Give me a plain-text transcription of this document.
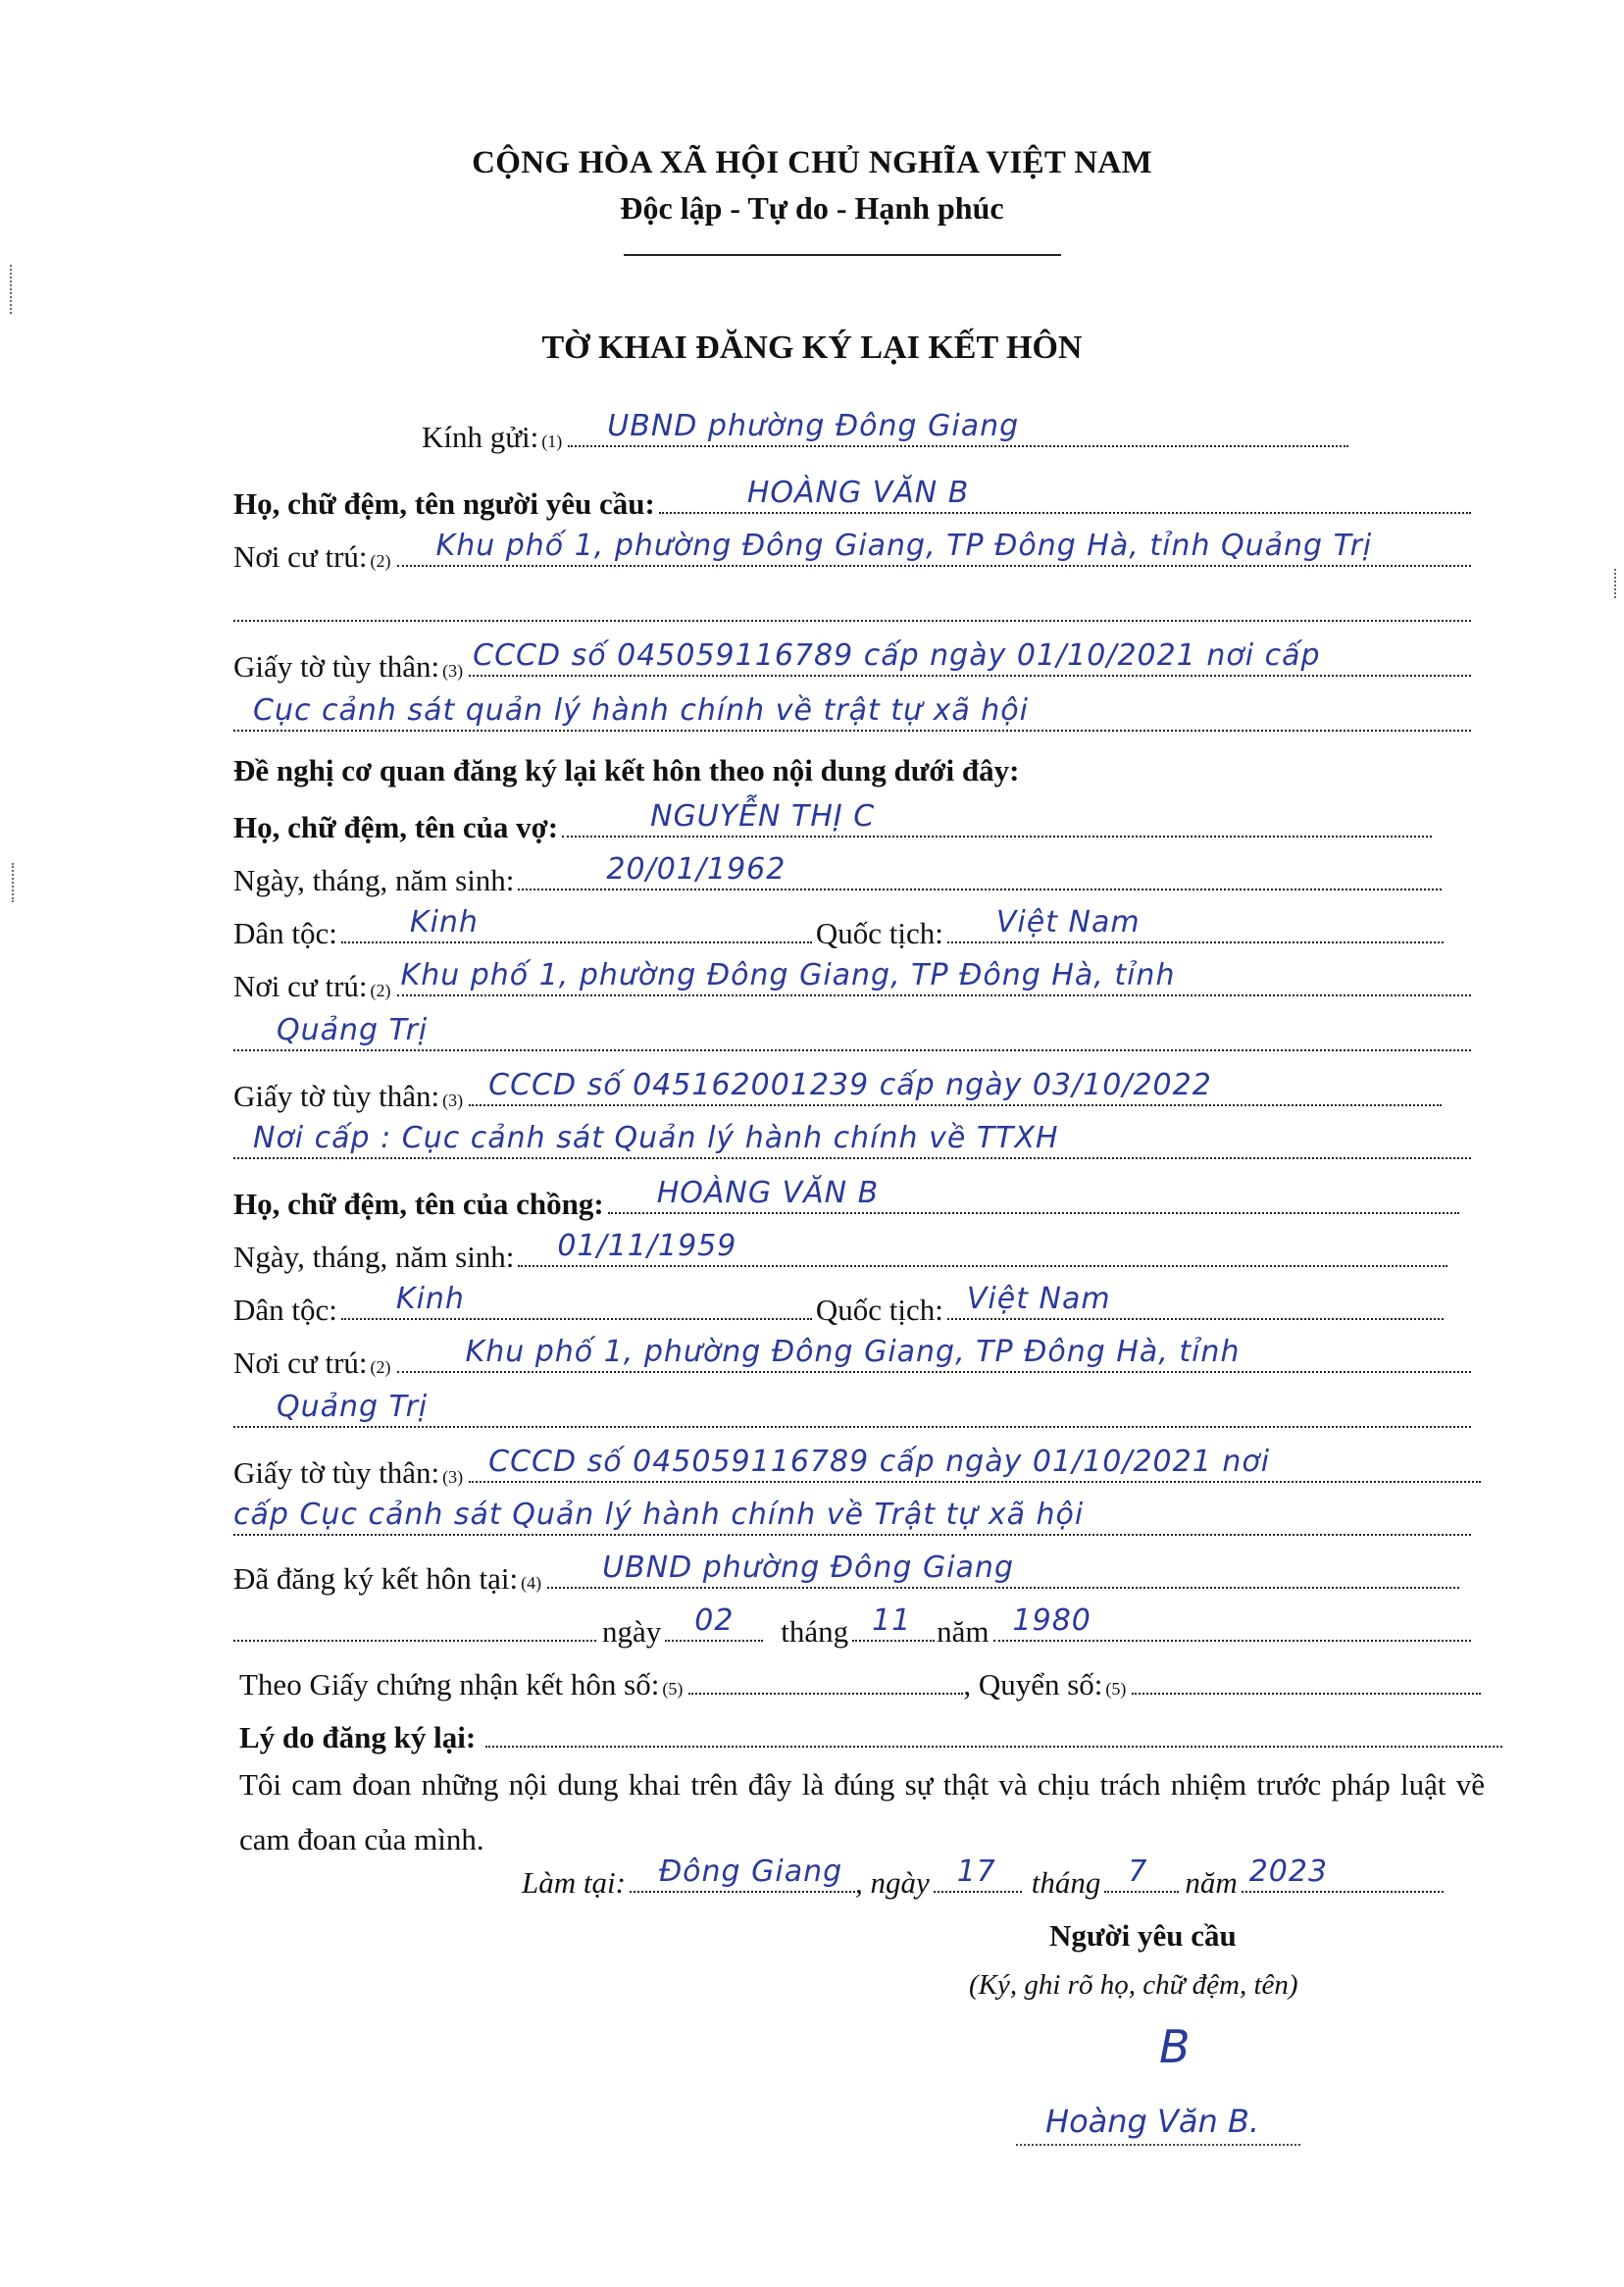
CỘNG HÒA XÃ HỘI CHỦ NGHĨA VIỆT NAM
Độc lập - Tự do - Hạnh phúc
TỜ KHAI ĐĂNG KÝ LẠI KẾT HÔN
Kính gửi: (1) UBND phường Đông Giang
Họ, chữ đệm, tên người yêu cầu:	HOÀNG VĂN B
Nơi cư trú: (2) Khu phố 1, phường Đông Giang, TP Đông Hà, tỉnh Quảng Trị
Giấy tờ tùy thân: (3) CCCD số 045059116789 cấp ngày 01/10/2021 nơi cấp
Cục cảnh sát quản lý hành chính về trật tự xã hội
Đề nghị cơ quan đăng ký lại kết hôn theo nội dung dưới đây:
Họ, chữ đệm, tên của vợ:	NGUYỄN THỊ C
Ngày, tháng, năm sinh:	20/01/1962
Dân tộc: Kinh	Quốc tịch: Việt Nam
Nơi cư trú: (2) Khu phố 1, phường Đông Giang, TP Đông Hà, tỉnh
Quảng Trị
Giấy tờ tùy thân: (3) CCCD số 045162001239 cấp ngày 03/10/2022
Nơi cấp : Cục cảnh sát Quản lý hành chính về TTXH
Họ, chữ đệm, tên của chồng: HOÀNG VĂN B
Ngày, tháng, năm sinh: 01/11/1959
Dân tộc: Kinh	Quốc tịch: Việt Nam
Nơi cư trú: (2)	Khu phố 1, phường Đông Giang, TP Đông Hà, tỉnh
Quảng Trị
Giấy tờ tùy thân: (3) CCCD số 045059116789 cấp ngày 01/10/2021 nơi
cấp Cục cảnh sát Quản lý hành chính về Trật tự xã hội
Đã đăng ký kết hôn tại: (4) UBND phường Đông Giang
ngày 02 tháng 11 năm 1980
Theo Giấy chứng nhận kết hôn số: (5)	, Quyển số: (5)
Lý do đăng ký lại:
Tôi cam đoan những nội dung khai trên đây là đúng sự thật và chịu trách nhiệm trước pháp luật về cam đoan của mình.
Làm tại: Đông Giang , ngày 17 tháng 7 năm 2023
Người yêu cầu
(Ký, ghi rõ họ, chữ đệm, tên)
B
Hoàng Văn B.
